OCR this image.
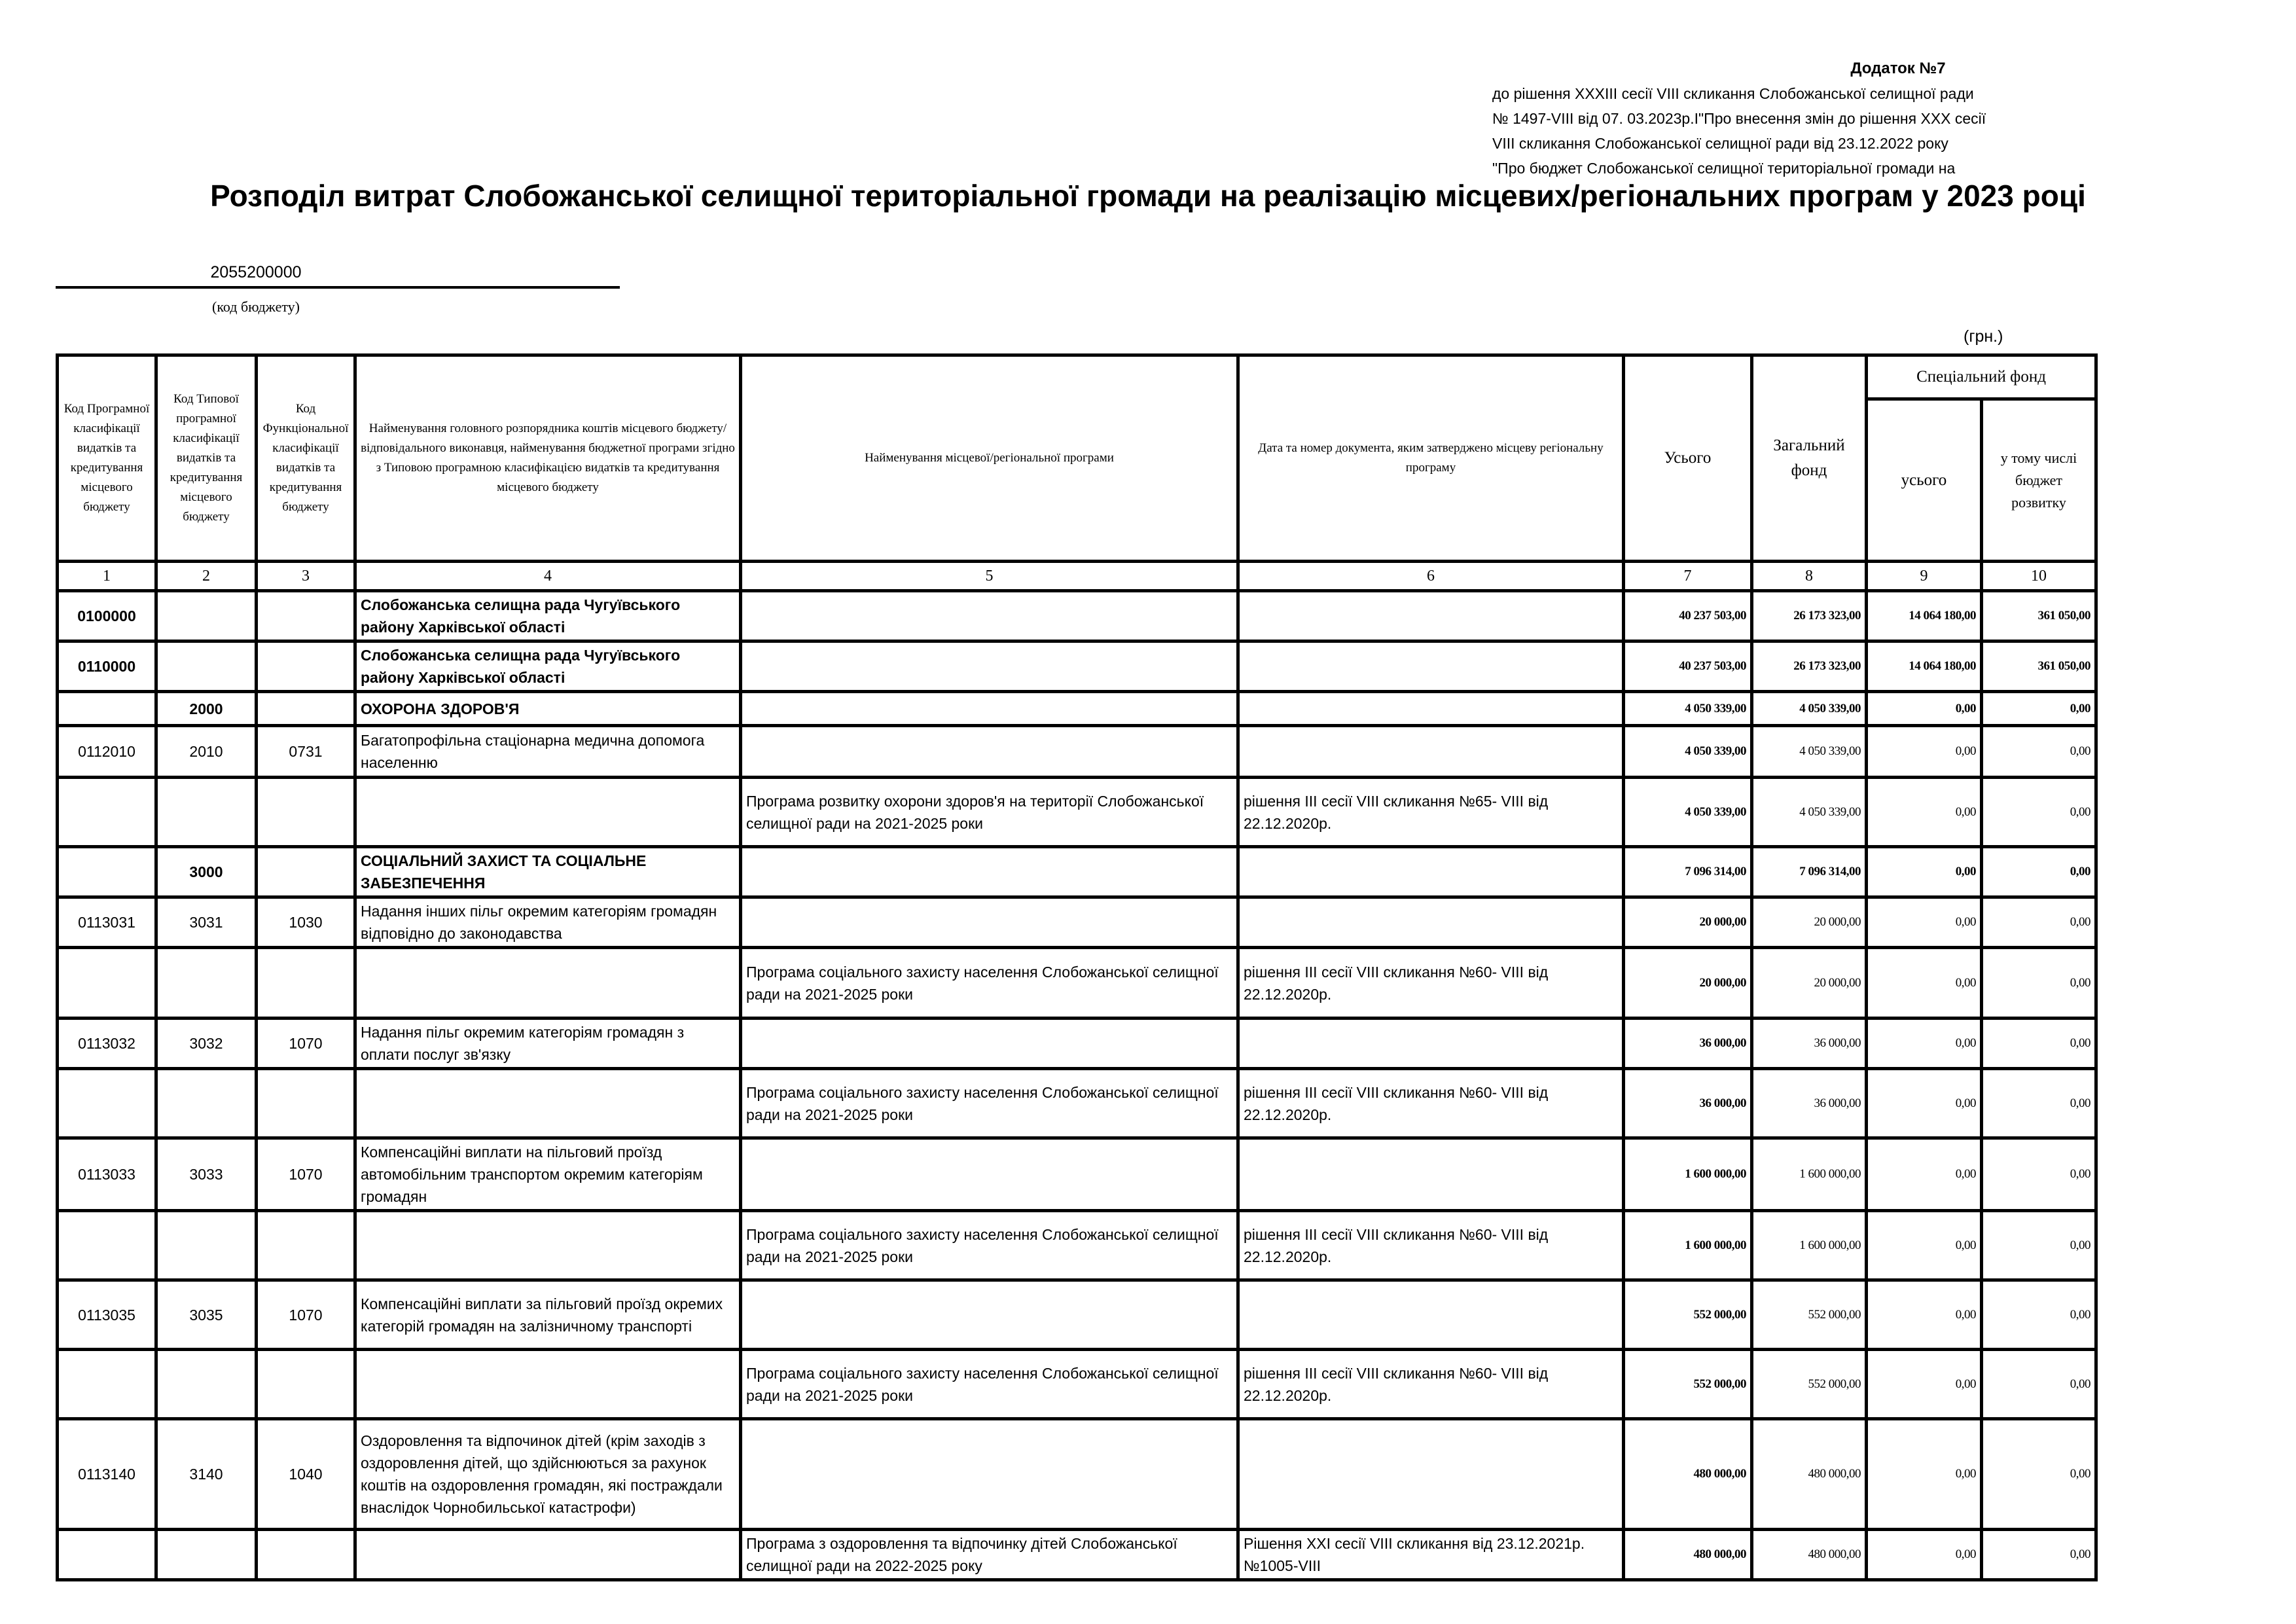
Додаток №7
до рішення XXXIII сесії VIII скликання Слобожанської селищної ради
№ 1497-VIII від 07. 03.2023р.І"Про внесення змін до рішення XXX сесії
VIII скликання Слобожанської селищної ради від 23.12.2022 року
"Про бюджет Слобожанської селищної територіальної громади на
Розподіл витрат Слобожанської селищної територіальної громади на реалізацію місцевих/регіональних програм у 2023 році
2055200000
(код бюджету)
(грн.)
Код Програмної класифікації видатків та кредитування місцевого бюджету	Код Типової програмної класифікації видатків та кредитування місцевого бюджету	Код Функціональної класифікації видатків та кредитування бюджету	Найменування головного розпорядника коштів місцевого бюджету/ відповідального виконавця, найменування бюджетної програми згідно з Типовою програмною класифікацією видатків та кредитування місцевого бюджету	Найменування місцевої/регіональної програми	Дата та номер документа, яким затверджено місцеву регіональну програму	Усього	Загальний фонд	Спеціальний фонд	
								усього	у тому числі бюджет розвитку
1	2	3	4	5	6	7	8	9	10
0100000			Слобожанська селищна рада Чугуївського району Харківської області			40 237 503,00	26 173 323,00	14 064 180,00	361 050,00
0110000			Слобожанська селищна рада Чугуївського району Харківської області			40 237 503,00	26 173 323,00	14 064 180,00	361 050,00
	2000		ОХОРОНА ЗДОРОВ'Я			4 050 339,00	4 050 339,00	0,00	0,00
0112010	2010	0731	Багатопрофільна стаціонарна медична допомога населенню			4 050 339,00	4 050 339,00	0,00	0,00
				Програма розвитку охорони здоров'я на території Слобожанської селищної ради на 2021-2025 роки	рішення ІІІ сесії VIII скликання №65- VIII від 22.12.2020р.	4 050 339,00	4 050 339,00	0,00	0,00
	3000		СОЦІАЛЬНИЙ ЗАХИСТ ТА СОЦІАЛЬНЕ ЗАБЕЗПЕЧЕННЯ			7 096 314,00	7 096 314,00	0,00	0,00
0113031	3031	1030	Надання інших пільг окремим категоріям громадян відповідно до законодавства			20 000,00	20 000,00	0,00	0,00
				Програма соціального захисту населення Слобожанської селищної ради на 2021-2025 роки	рішення ІІІ сесії VIII скликання №60- VIII від 22.12.2020р.	20 000,00	20 000,00	0,00	0,00
0113032	3032	1070	Надання пільг окремим категоріям громадян з оплати послуг зв'язку			36 000,00	36 000,00	0,00	0,00
				Програма соціального захисту населення Слобожанської селищної ради на 2021-2025 роки	рішення ІІІ сесії VIII скликання №60- VIII від 22.12.2020р.	36 000,00	36 000,00	0,00	0,00
0113033	3033	1070	Компенсаційні виплати на пільговий проїзд автомобільним транспортом окремим категоріям громадян			1 600 000,00	1 600 000,00	0,00	0,00
				Програма соціального захисту населення Слобожанської селищної ради на 2021-2025 роки	рішення ІІІ сесії VIII скликання №60- VIII від 22.12.2020р.	1 600 000,00	1 600 000,00	0,00	0,00
0113035	3035	1070	Компенсаційні виплати за пільговий проїзд окремих категорій громадян на залізничному транспорті			552 000,00	552 000,00	0,00	0,00
				Програма соціального захисту населення Слобожанської селищної ради на 2021-2025 роки	рішення ІІІ сесії VIII скликання №60- VIII від 22.12.2020р.	552 000,00	552 000,00	0,00	0,00
0113140	3140	1040	Оздоровлення та відпочинок дітей (крім заходів з оздоровлення дітей, що здійснюються за рахунок коштів на оздоровлення громадян, які постраждали внаслідок Чорнобильської катастрофи)			480 000,00	480 000,00	0,00	0,00
				Програма з оздоровлення та відпочинку дітей Слобожанської селищної ради на 2022-2025 року	Рішення XXI сесії VIII скликання від 23.12.2021р. №1005-VIII	480 000,00	480 000,00	0,00	0,00
